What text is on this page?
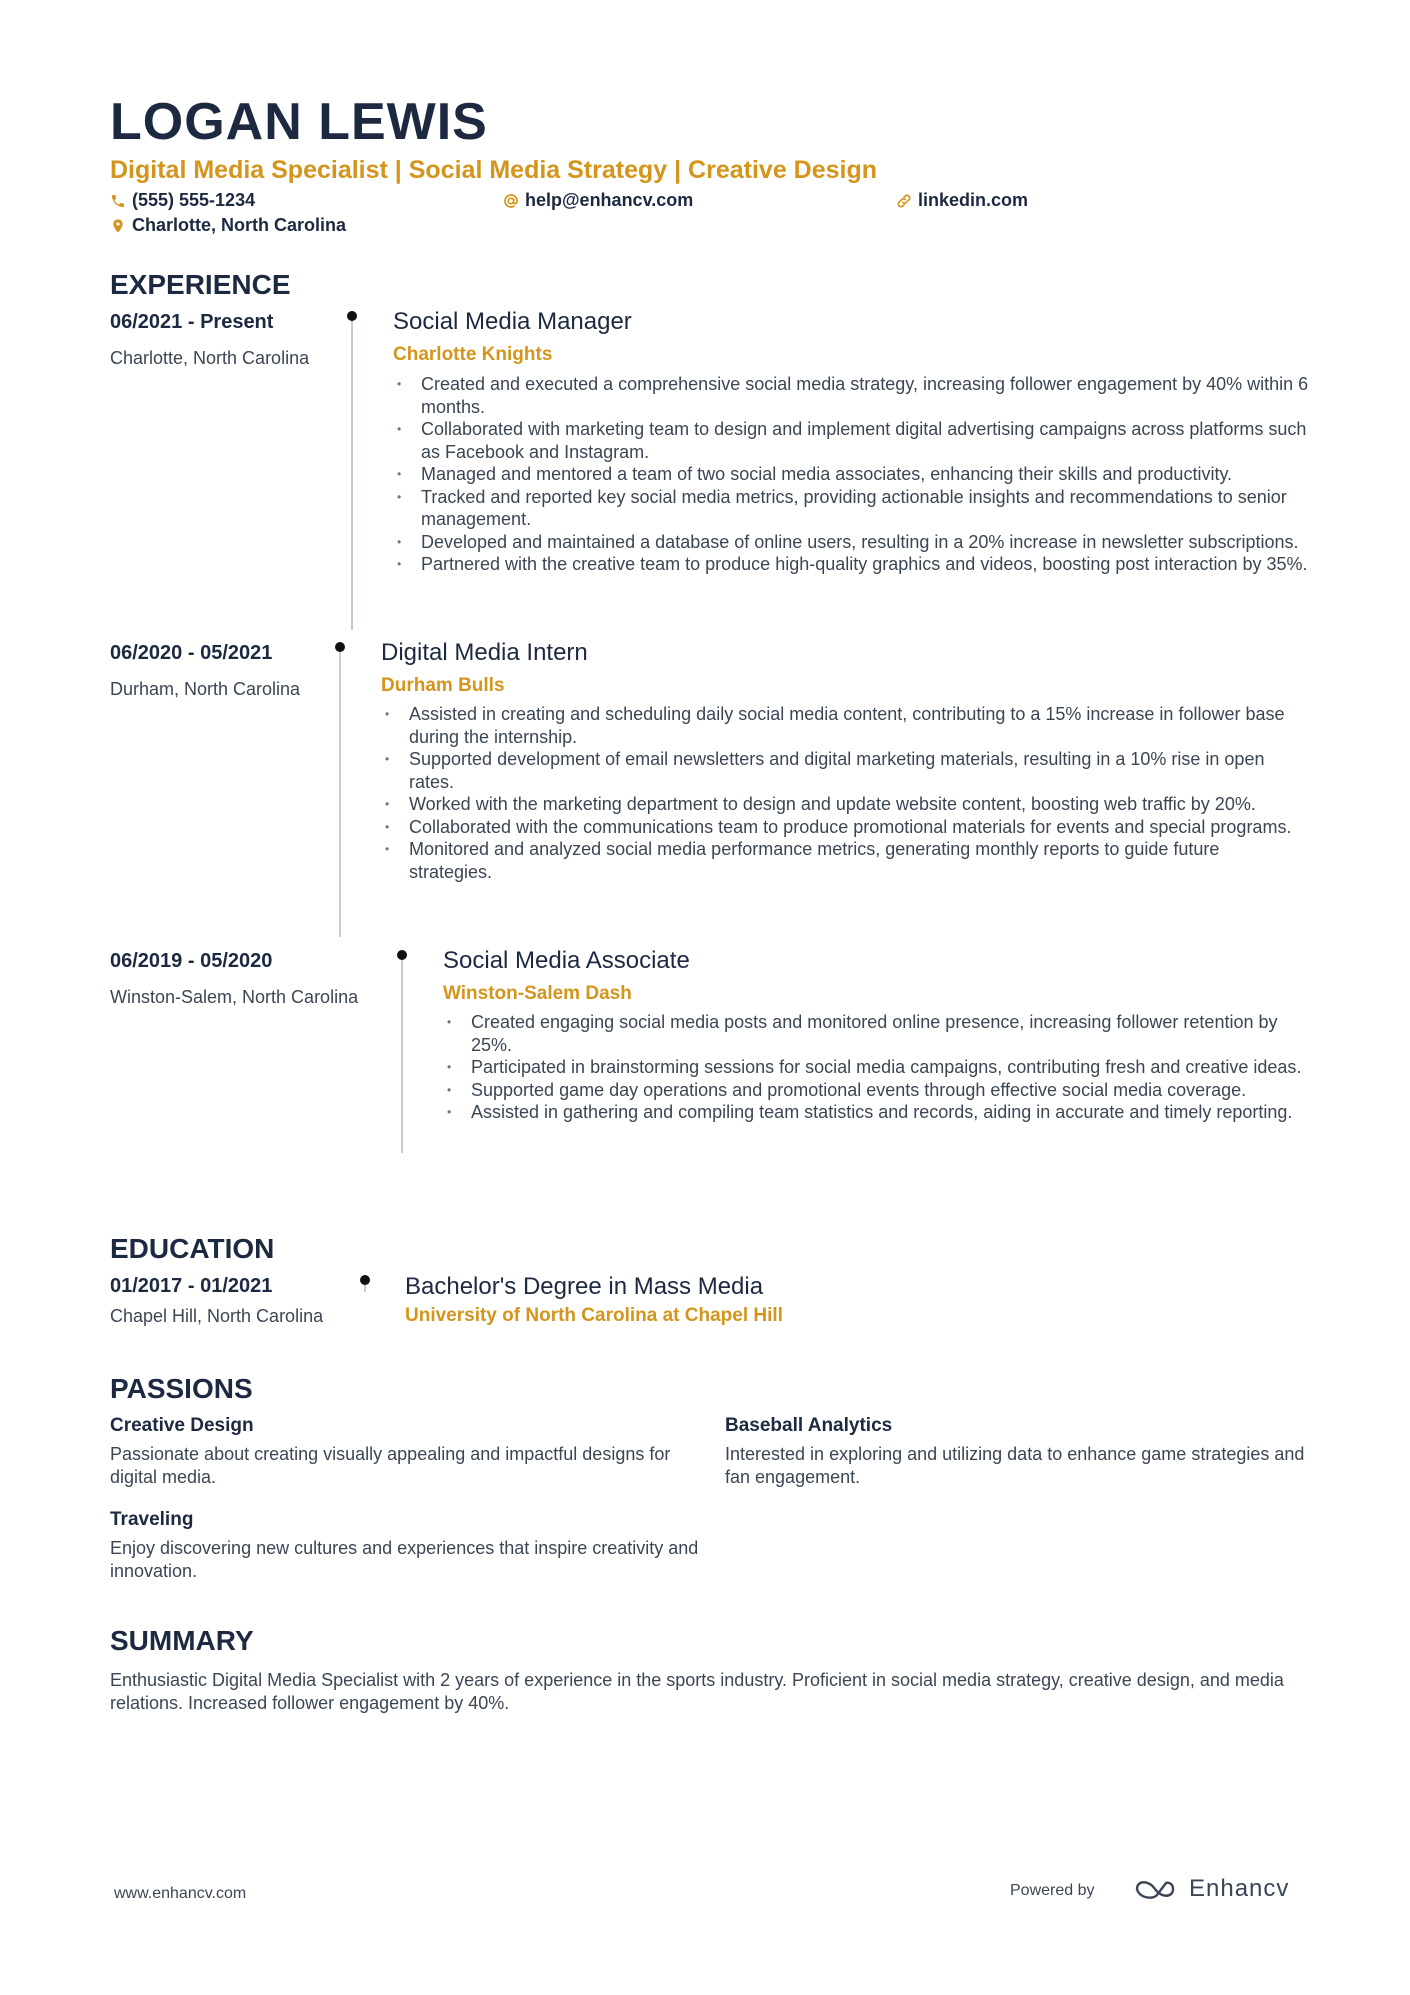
LOGAN LEWIS
Digital Media Specialist | Social Media Strategy | Creative Design
(555) 555-1234	help@enhancv.com	linkedin.com
Charlotte, North Carolina
EXPERIENCE
06/2021 - Present
Charlotte, North Carolina
Social Media Manager
Charlotte Knights
• Created and executed a comprehensive social media strategy, increasing follower engagement by 40% within 6 months.
• Collaborated with marketing team to design and implement digital advertising campaigns across platforms such as Facebook and Instagram.
• Managed and mentored a team of two social media associates, enhancing their skills and productivity.
• Tracked and reported key social media metrics, providing actionable insights and recommendations to senior management.
• Developed and maintained a database of online users, resulting in a 20% increase in newsletter subscriptions.
• Partnered with the creative team to produce high-quality graphics and videos, boosting post interaction by 35%.
06/2020 - 05/2021
Durham, North Carolina
Digital Media Intern
Durham Bulls
• Assisted in creating and scheduling daily social media content, contributing to a 15% increase in follower base during the internship.
• Supported development of email newsletters and digital marketing materials, resulting in a 10% rise in open rates.
• Worked with the marketing department to design and update website content, boosting web traffic by 20%.
• Collaborated with the communications team to produce promotional materials for events and special programs.
• Monitored and analyzed social media performance metrics, generating monthly reports to guide future strategies.
06/2019 - 05/2020
Winston-Salem, North Carolina
Social Media Associate
Winston-Salem Dash
• Created engaging social media posts and monitored online presence, increasing follower retention by 25%.
• Participated in brainstorming sessions for social media campaigns, contributing fresh and creative ideas.
• Supported game day operations and promotional events through effective social media coverage.
• Assisted in gathering and compiling team statistics and records, aiding in accurate and timely reporting.
EDUCATION
01/2017 - 01/2021
Chapel Hill, North Carolina
Bachelor's Degree in Mass Media
University of North Carolina at Chapel Hill
PASSIONS
Creative Design
Passionate about creating visually appealing and impactful designs for digital media.
Baseball Analytics
Interested in exploring and utilizing data to enhance game strategies and fan engagement.
Traveling
Enjoy discovering new cultures and experiences that inspire creativity and innovation.
SUMMARY

Enthusiastic Digital Media Specialist with 2 years of experience in the sports industry. Proficient in social media strategy, creative design, and media relations. Increased follower engagement by 40%.

www.enhancv.com	Powered by	Enhancv
